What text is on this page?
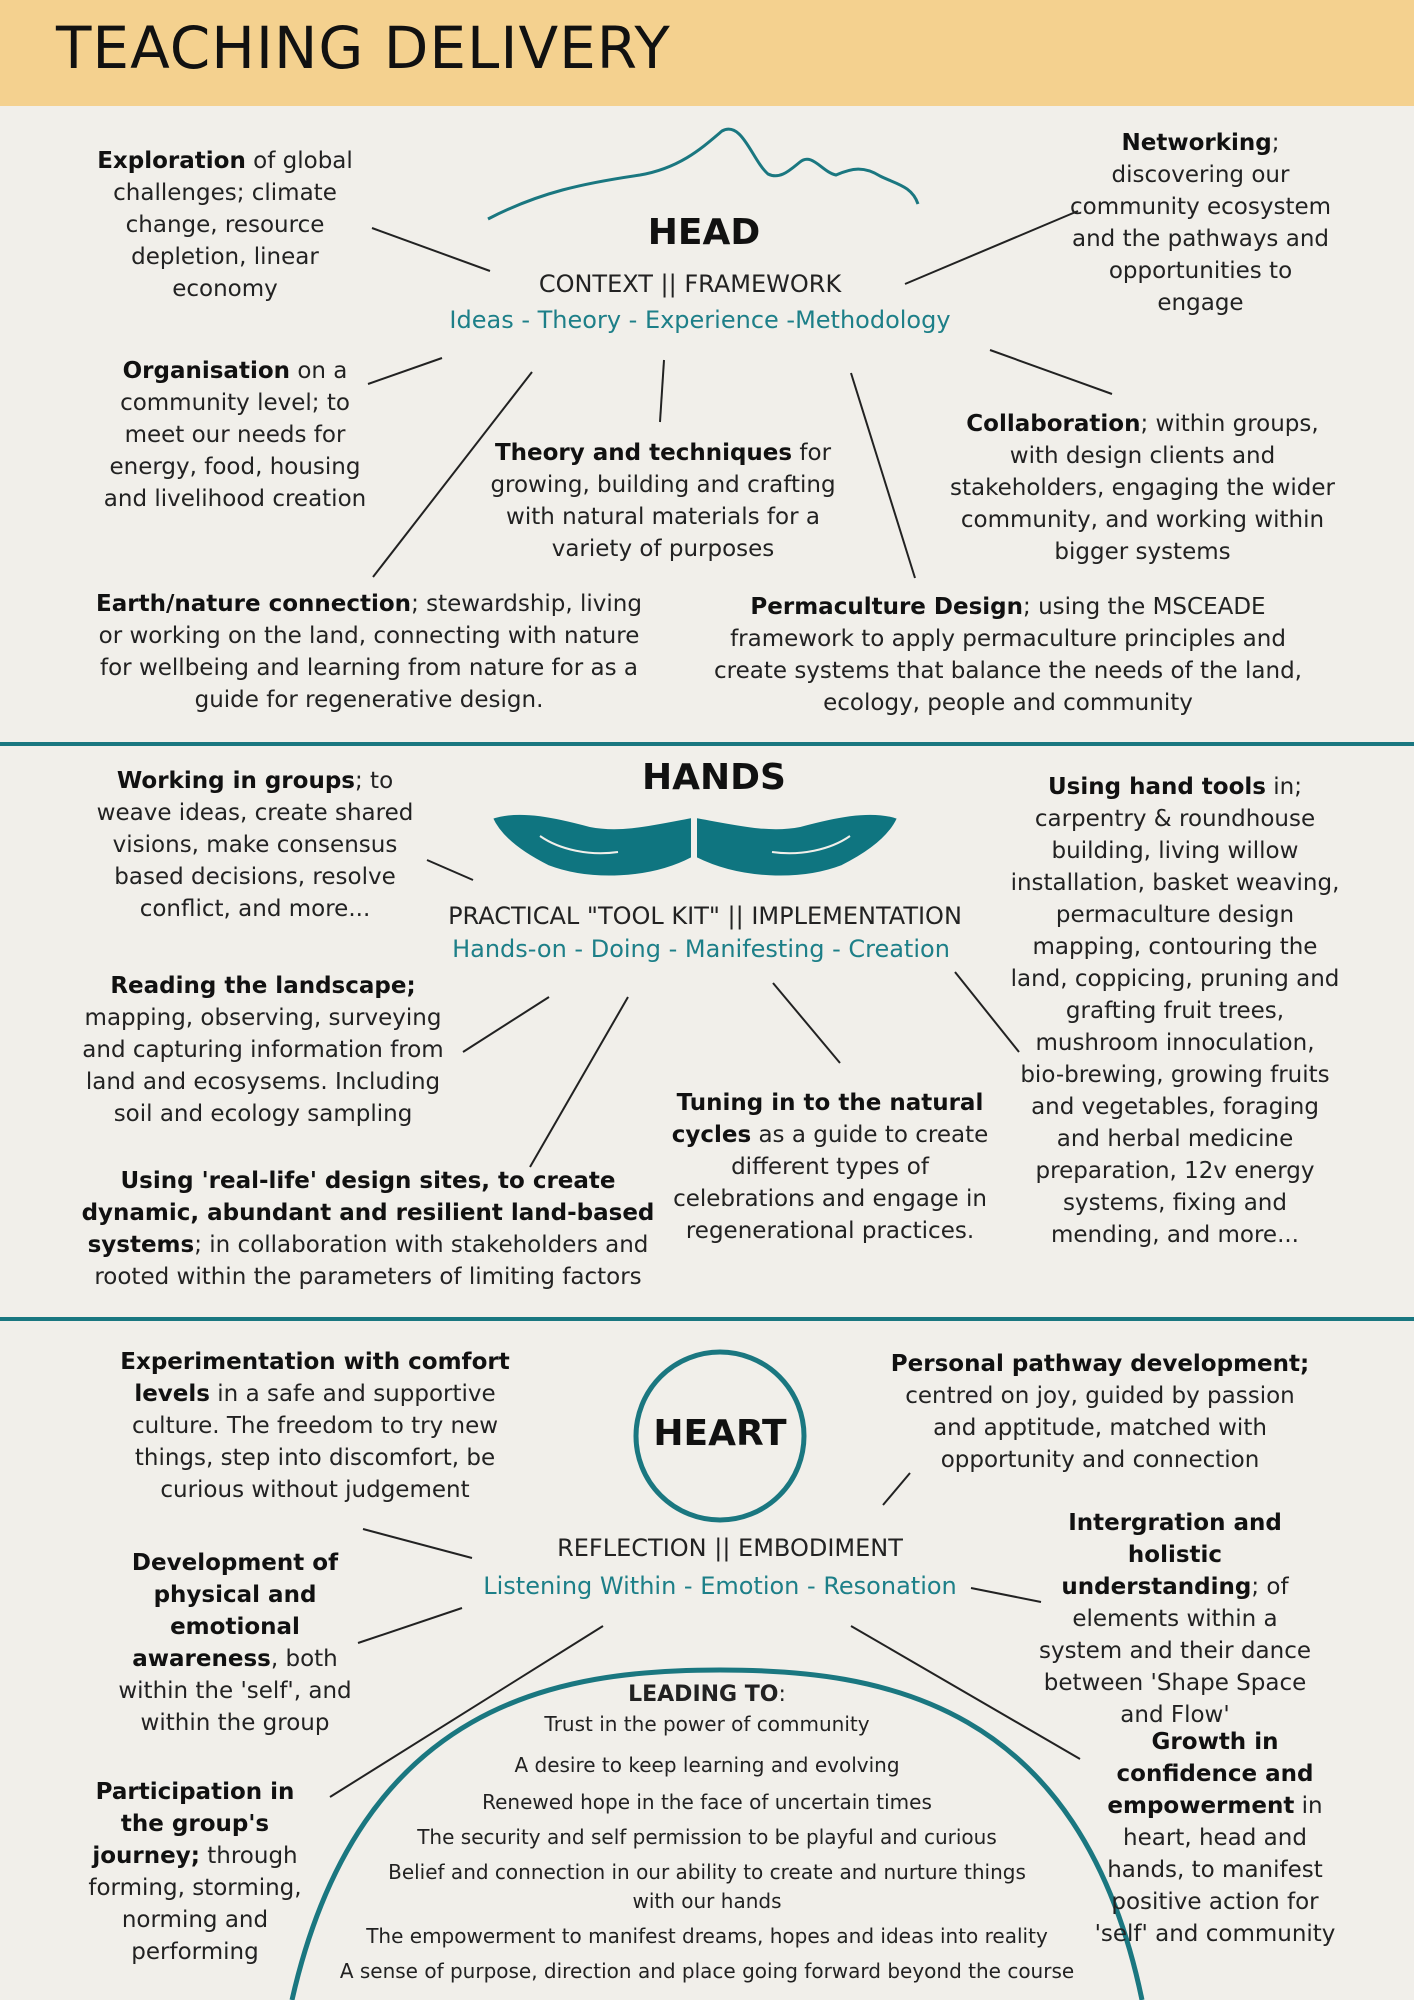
TEACHING DELIVERY
HEAD
CONTEXT || FRAMEWORK
Ideas - Theory - Experience -Methodology
Exploration of global challenges; climate change, resource depletion, linear economy
Networking; discovering our community ecosystem and the pathways and opportunities to engage
Organisation on a community level; to meet our needs for energy, food, housing and livelihood creation
Theory and techniques for growing, building and crafting with natural materials for a variety of purposes
Collaboration; within groups, with design clients and stakeholders, engaging the wider community, and working within bigger systems
Earth/nature connection; stewardship, living or working on the land, connecting with nature for wellbeing and learning from nature for as a guide for regenerative design.
Permaculture Design; using the MSCEADE framework to apply permaculture principles and create systems that balance the needs of the land, ecology, people and community
HANDS
PRACTICAL "TOOL KIT" || IMPLEMENTATION
Hands-on - Doing - Manifesting - Creation
Working in groups; to weave ideas, create shared visions, make consensus based decisions, resolve conflict, and more...
Using hand tools in; carpentry & roundhouse building, living willow installation, basket weaving, permaculture design mapping, contouring the land, coppicing, pruning and grafting fruit trees, mushroom innoculation, bio-brewing, growing fruits and vegetables, foraging and herbal medicine preparation, 12v energy systems, fixing and mending, and more...
Reading the landscape; mapping, observing, surveying and capturing information from land and ecosysems. Including soil and ecology sampling	Tuning in to the natural cycles as a guide to create different types of celebrations and engage in regenerational practices.
Using 'real-life' design sites, to create dynamic, abundant and resilient land-based systems; in collaboration with stakeholders and rooted within the parameters of limiting factors
HEART
REFLECTION || EMBODIMENT
Listening Within - Emotion - Resonation
Experimentation with comfort levels in a safe and supportive culture. The freedom to try new things, step into discomfort, be curious without judgement
Personal pathway development; centred on joy, guided by passion and apptitude, matched with opportunity and connection
Development of physical and emotional awareness, both within the 'self', and within the group
Intergration and holistic understanding; of elements within a system and their dance between 'Shape Space and Flow'
Participation in the group's journey; through forming, storming, norming and performing
Growth in confidence and empowerment in heart, head and hands, to manifest positive action for 'self' and community
LEADING TO:
Trust in the power of community
A desire to keep learning and evolving
Renewed hope in the face of uncertain times
The security and self permission to be playful and curious
Belief and connection in our ability to create and nurture things
with our hands
The empowerment to manifest dreams, hopes and ideas into reality
A sense of purpose, direction and place going forward beyond the course
